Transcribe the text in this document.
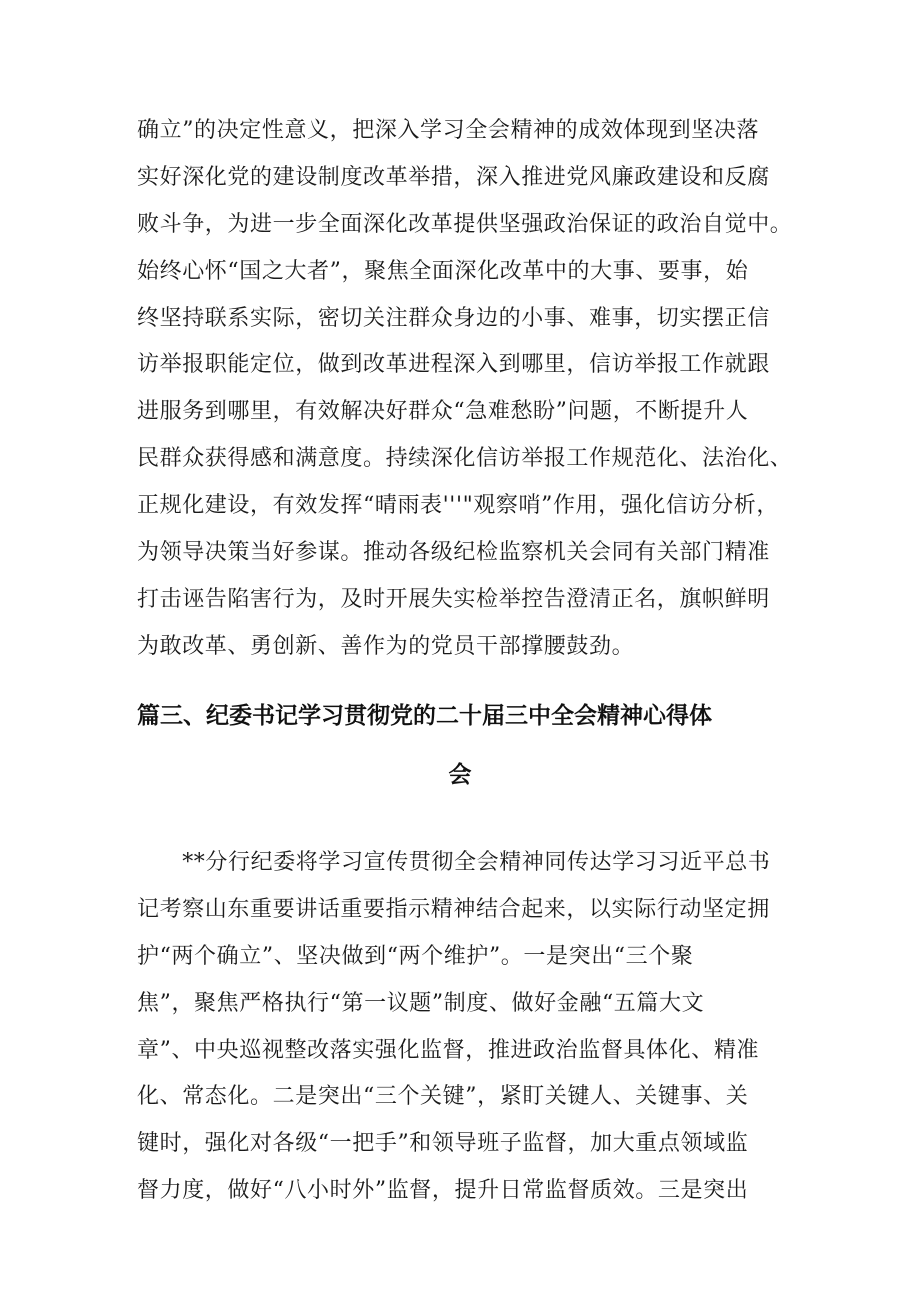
确立”的决定性意义，把深入学习全会精神的成效体现到坚决落
实好深化党的建设制度改革举措，深入推进党风廉政建设和反腐
败斗争，为进一步全面深化改革提供坚强政治保证的政治自觉中。
始终心怀“国之大者”，聚焦全面深化改革中的大事、要事，始
终坚持联系实际，密切关注群众身边的小事、难事，切实摆正信
访举报职能定位，做到改革进程深入到哪里，信访举报工作就跟
进服务到哪里，有效解决好群众“急难愁盼”问题，不断提升人
民群众获得感和满意度。持续深化信访举报工作规范化、法治化、
正规化建设，有效发挥“晴雨表'''"观察哨”作用，强化信访分析，
为领导决策当好参谋。推动各级纪检监察机关会同有关部门精准
打击诬告陷害行为，及时开展失实检举控告澄清正名，旗帜鲜明
为敢改革、勇创新、善作为的党员干部撑腰鼓劲。
篇三、纪委书记学习贯彻党的二十届三中全会精神心得体
会
　　**分行纪委将学习宣传贯彻全会精神同传达学习习近平总书
记考察山东重要讲话重要指示精神结合起来，以实际行动坚定拥
护“两个确立”、坚决做到“两个维护”。一是突出“三个聚
焦”，聚焦严格执行“第一议题”制度、做好金融“五篇大文
章”、中央巡视整改落实强化监督，推进政治监督具体化、精准
化、常态化。二是突出“三个关键”，紧盯关键人、关键事、关
键时，强化对各级“一把手”和领导班子监督，加大重点领域监
督力度，做好“八小时外”监督，提升日常监督质效。三是突出
